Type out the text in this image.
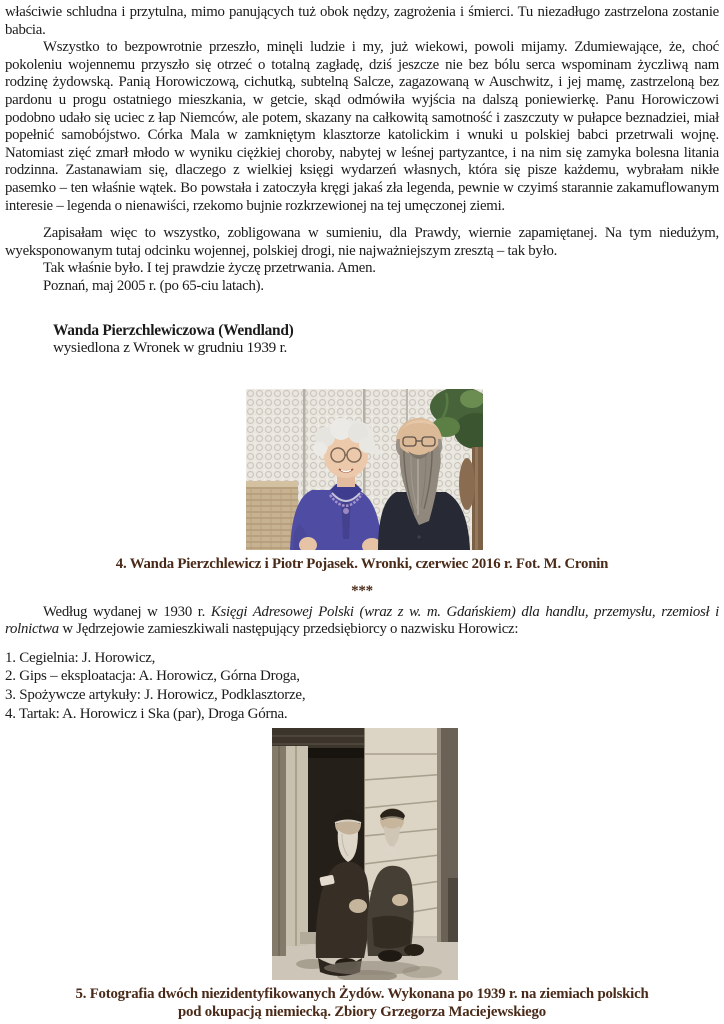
właściwie schludna i przytulna, mimo panujących tuż obok nędzy, zagrożenia i śmierci. Tu niezadługo zastrzelona zostanie babcia.

Wszystko to bezpowrotnie przeszło, minęli ludzie i my, już wiekowi, powoli mijamy. Zdumiewające, że, choć pokoleniu wojennemu przyszło się otrzeć o totalną zagładę, dziś jeszcze nie bez bólu serca wspominam życzliwą nam rodzinę żydowską. Panią Horowiczową, cichutką, subtelną Salcze, zagazowaną w Auschwitz, i jej mamę, zastrzeloną bez pardonu u progu ostatniego mieszkania, w getcie, skąd odmówiła wyjścia na dalszą poniewierkę. Panu Horowiczowi podobno udało się uciec z łap Niemców, ale potem, skazany na całkowitą samotność i zaszczuty w pułapce beznadziei, miał popełnić samobójstwo. Córka Mala w zamkniętym klasztorze katolickim i wnuki u polskiej babci przetrwali wojnę. Natomiast zięć zmarł młodo w wyniku ciężkiej choroby, nabytej w leśnej partyzantce, i na nim się zamyka bolesna litania rodzinna. Zastanawiam się, dlaczego z wielkiej księgi wydarzeń własnych, która się pisze każdemu, wybrałam nikłe pasemko – ten właśnie wątek. Bo powstała i zatoczyła kręgi jakaś zła legenda, pewnie w czyimś starannie zakamuflowanym interesie – legenda o nienawiści, rzekomo bujnie rozkrzewionej na tej umęczonej ziemi.

Zapisałam więc to wszystko, zobligowana w sumieniu, dla Prawdy, wiernie zapamiętanej. Na tym niedużym, wyeksponowanym tutaj odcinku wojennej, polskiej drogi, nie najważniejszym zresztą – tak było.

Tak właśnie było. I tej prawdzie życzę przetrwania. Amen.

Poznań, maj 2005 r. (po 65-ciu latach).

Wanda Pierzchlewiczowa (Wendland)
wysiedlona z Wronek w grudniu 1939 r.
4. Wanda Pierzchlewicz i Piotr Pojasek. Wronki, czerwiec 2016 r. Fot. M. Cronin
***

Według wydanej w 1930 r. Księgi Adresowej Polski (wraz z w. m. Gdańskiem) dla handlu, przemysłu, rzemiosł i rolnictwa w Jędrzejowie zamieszkiwali następujący przedsiębiorcy o nazwisku Horowicz:

1. Cegielnia: J. Horowicz,
2. Gips – eksploatacja: A. Horowicz, Górna Droga,
3. Spożywcze artykuły: J. Horowicz, Podklasztorze,
4. Tartak: A. Horowicz i Ska (par), Droga Górna.
5. Fotografia dwóch niezidentyfikowanych Żydów. Wykonana po 1939 r. na ziemiach polskich
pod okupacją niemiecką. Zbiory Grzegorza Maciejewskiego
